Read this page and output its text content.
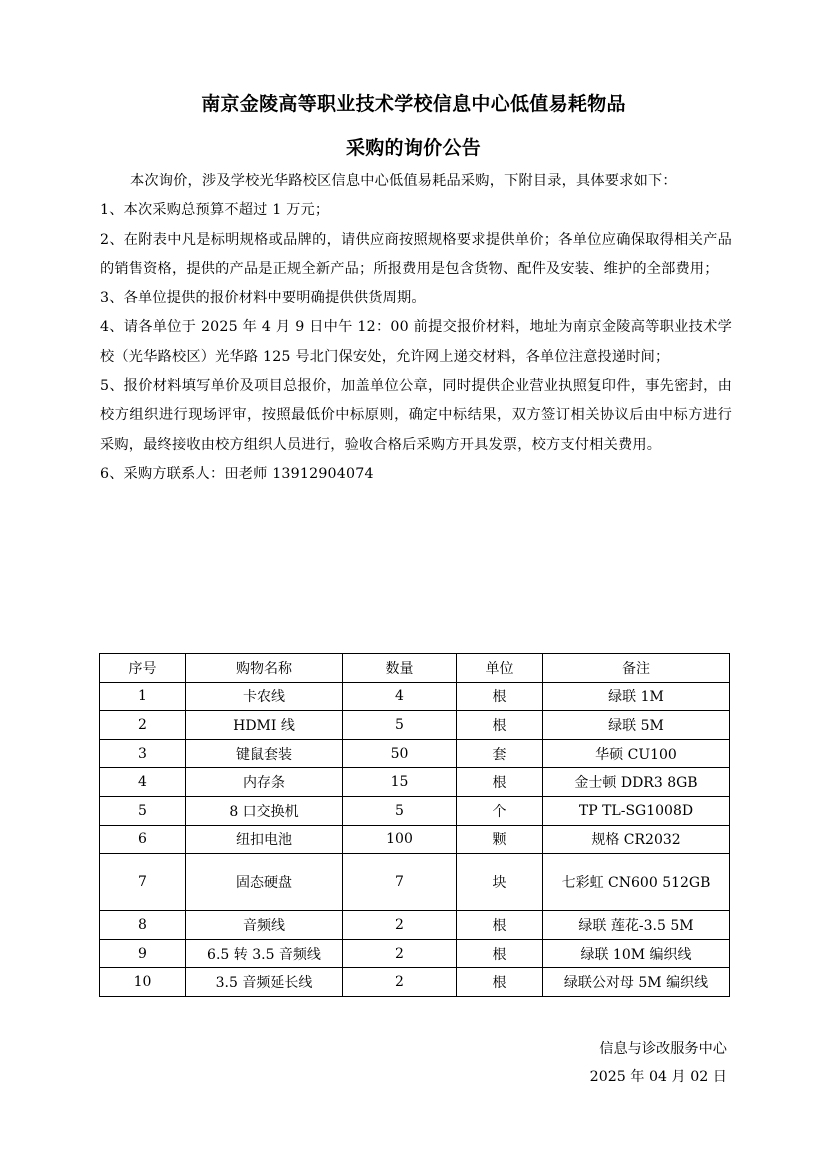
南京金陵高等职业技术学校信息中心低值易耗物品
采购的询价公告

本次询价，涉及学校光华路校区信息中心低值易耗品采购，下附目录，具体要求如下：

1、本次采购总预算不超过 1 万元；

2、在附表中凡是标明规格或品牌的，请供应商按照规格要求提供单价；各单位应确保取得相关产品的销售资格，提供的产品是正规全新产品；所报费用是包含货物、配件及安装、维护的全部费用；

3、各单位提供的报价材料中要明确提供供货周期。

4、请各单位于 2025 年 4 月 9 日中午 12：00 前提交报价材料，地址为南京金陵高等职业技术学校（光华路校区）光华路 125 号北门保安处，允许网上递交材料，各单位注意投递时间；

5、报价材料填写单价及项目总报价，加盖单位公章，同时提供企业营业执照复印件，事先密封，由校方组织进行现场评审，按照最低价中标原则，确定中标结果，双方签订相关协议后由中标方进行采购，最终接收由校方组织人员进行，验收合格后采购方开具发票，校方支付相关费用。

6、采购方联系人：田老师 13912904074

序号	购物名称	数量	单位	备注
1	卡农线	4	根	绿联 1M
2	HDMI 线	5	根	绿联 5M
3	键鼠套装	50	套	华硕 CU100
4	内存条	15	根	金士顿 DDR3 8GB
5	8 口交换机	5	个	TP TL-SG1008D
6	纽扣电池	100	颗	规格 CR2032
7	固态硬盘	7	块	七彩虹 CN600 512GB
8	音频线	2	根	绿联 莲花-3.5 5M
9	6.5 转 3.5 音频线	2	根	绿联 10M 编织线
10	3.5 音频延长线	2	根	绿联公对母 5M 编织线
信息与诊改服务中心
2025 年 04 月 02 日
